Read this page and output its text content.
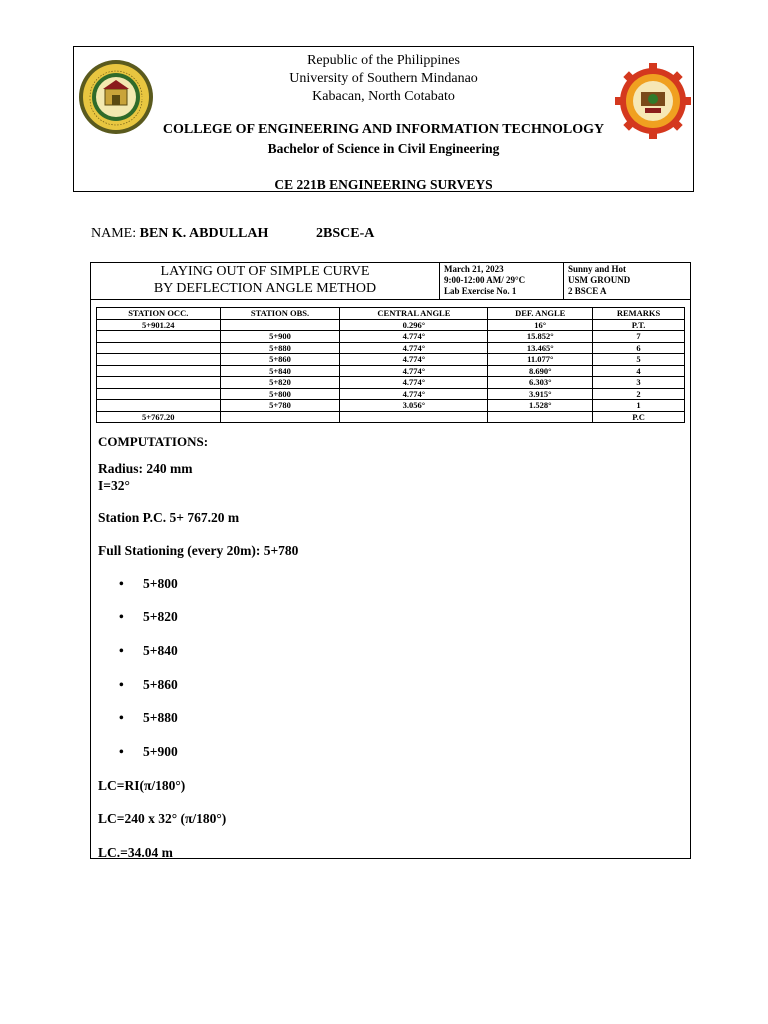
Republic of the Philippines
University of Southern Mindanao
Kabacan, North Cotabato
COLLEGE OF ENGINEERING AND INFORMATION TECHNOLOGY
Bachelor of Science in Civil Engineering
CE 221B ENGINEERING SURVEYS
NAME: BEN K. ABDULLAH	2BSCE-A
LAYING OUT OF SIMPLE CURVE
BY DEFLECTION ANGLE METHOD
March 21, 2023
9:00-12:00 AM/ 29°C
Lab Exercise No. 1
Sunny and Hot
USM GROUND
2 BSCE A
STATION OCC.	STATION OBS.	CENTRAL ANGLE	DEF. ANGLE	REMARKS
5+901.24		0.296°	16°	P.T.
	5+900	4.774°	15.852°	7
	5+880	4.774°	13.465°	6
	5+860	4.774°	11.077°	5
	5+840	4.774°	8.690°	4
	5+820	4.774°	6.303°	3
	5+800	4.774°	3.915°	2
	5+780	3.056°	1.528°	1
5+767.20				P.C
COMPUTATIONS:
Radius: 240 mm
I=32°
Station P.C. 5+ 767.20 m
Full Stationing (every 20m): 5+780
• 5+800
• 5+820
• 5+840
• 5+860
• 5+880
• 5+900
LC=RI(π/180°)
LC=240 x 32° (π/180°)
LC.=34.04 m
